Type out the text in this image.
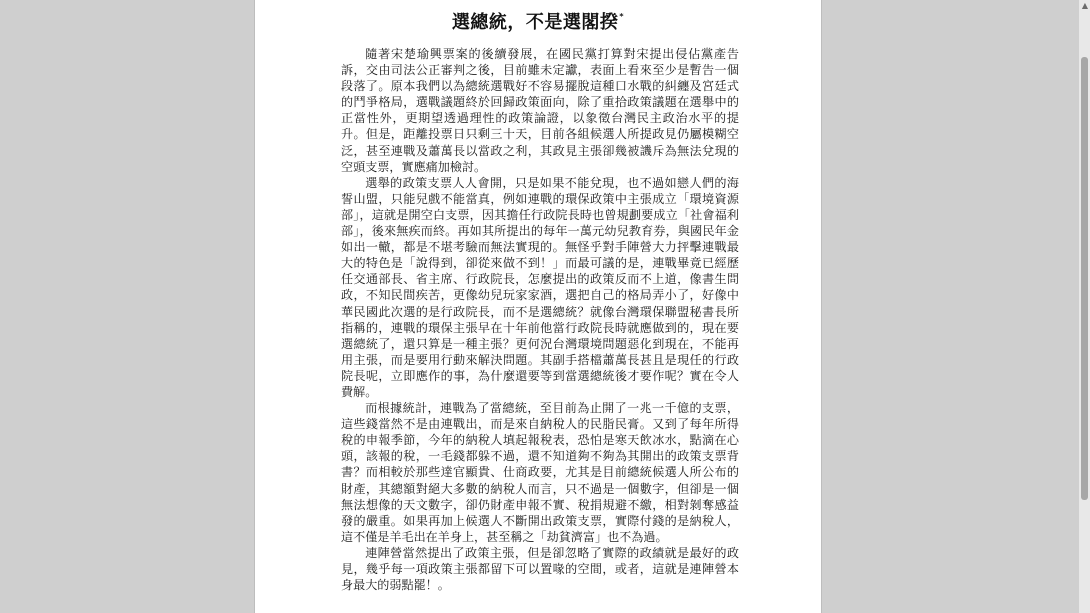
選總統，不是選閣揆*

隨著宋楚瑜興票案的後續發展，在國民黨打算對宋提出侵佔黨產告訴，交由司法公正審判之後，目前雖未定讞，表面上看來至少是暫告一個段落了。原本我們以為總統選戰好不容易擺脫這種口水戰的糾纏及宮廷式的鬥爭格局，選戰議題終於回歸政策面向，除了重拾政策議題在選舉中的正當性外，更期望透過理性的政策論證，以象徵台灣民主政治水平的提升。但是，距離投票日只剩三十天，目前各組候選人所提政見仍屬模糊空泛，甚至連戰及蕭萬長以當政之利，其政見主張卻幾被譏斥為無法兌現的空頭支票，實應痛加檢討。

選舉的政策支票人人會開，只是如果不能兌現，也不過如戀人們的海誓山盟，只能兒戲不能當真，例如連戰的環保政策中主張成立「環境資源部」，這就是開空白支票，因其擔任行政院長時也曾規劃要成立「社會福利部」，後來無疾而終。再如其所提出的每年一萬元幼兒教育券，與國民年金如出一轍，都是不堪考驗而無法實現的。無怪乎對手陣營大力抨擊連戰最大的特色是「說得到，卻從來做不到！」而最可議的是，連戰畢竟已經歷任交通部長、省主席、行政院長，怎麼提出的政策反而不上道，像書生問政，不知民間疾苦，更像幼兒玩家家酒，選把自己的格局弄小了，好像中華民國此次選的是行政院長，而不是選總統？就像台灣環保聯盟秘書長所指稱的，連戰的環保主張早在十年前他當行政院長時就應做到的，現在要選總統了，還只算是一種主張？更何況台灣環境問題惡化到現在，不能再用主張，而是要用行動來解決問題。其副手搭檔蕭萬長甚且是現任的行政院長呢，立即應作的事，為什麼還要等到當選總統後才要作呢？實在令人費解。

而根據統計，連戰為了當總統，至目前為止開了一兆一千億的支票，這些錢當然不是由連戰出，而是來自納稅人的民脂民膏。又到了每年所得稅的申報季節，今年的納稅人填起報稅表，恐怕是寒天飲冰水，點滴在心頭，該報的稅，一毛錢都躲不過，還不知道夠不夠為其開出的政策支票背書？而相較於那些達官顯貴、仕商政要，尤其是目前總統候選人所公布的財產，其總額對絕大多數的納稅人而言，只不過是一個數字，但卻是一個無法想像的天文數字，卻仍財產申報不實、稅捐規避不繳，相對剝奪感益發的嚴重。如果再加上候選人不斷開出政策支票，實際付錢的是納稅人，這不僅是羊毛出在羊身上，甚至稱之「劫貧濟富」也不為過。

連陣營當然提出了政策主張，但是卻忽略了實際的政績就是最好的政見，幾乎每一項政策主張都留下可以置喙的空間，或者，這就是連陣營本身最大的弱點罷！。

▲
